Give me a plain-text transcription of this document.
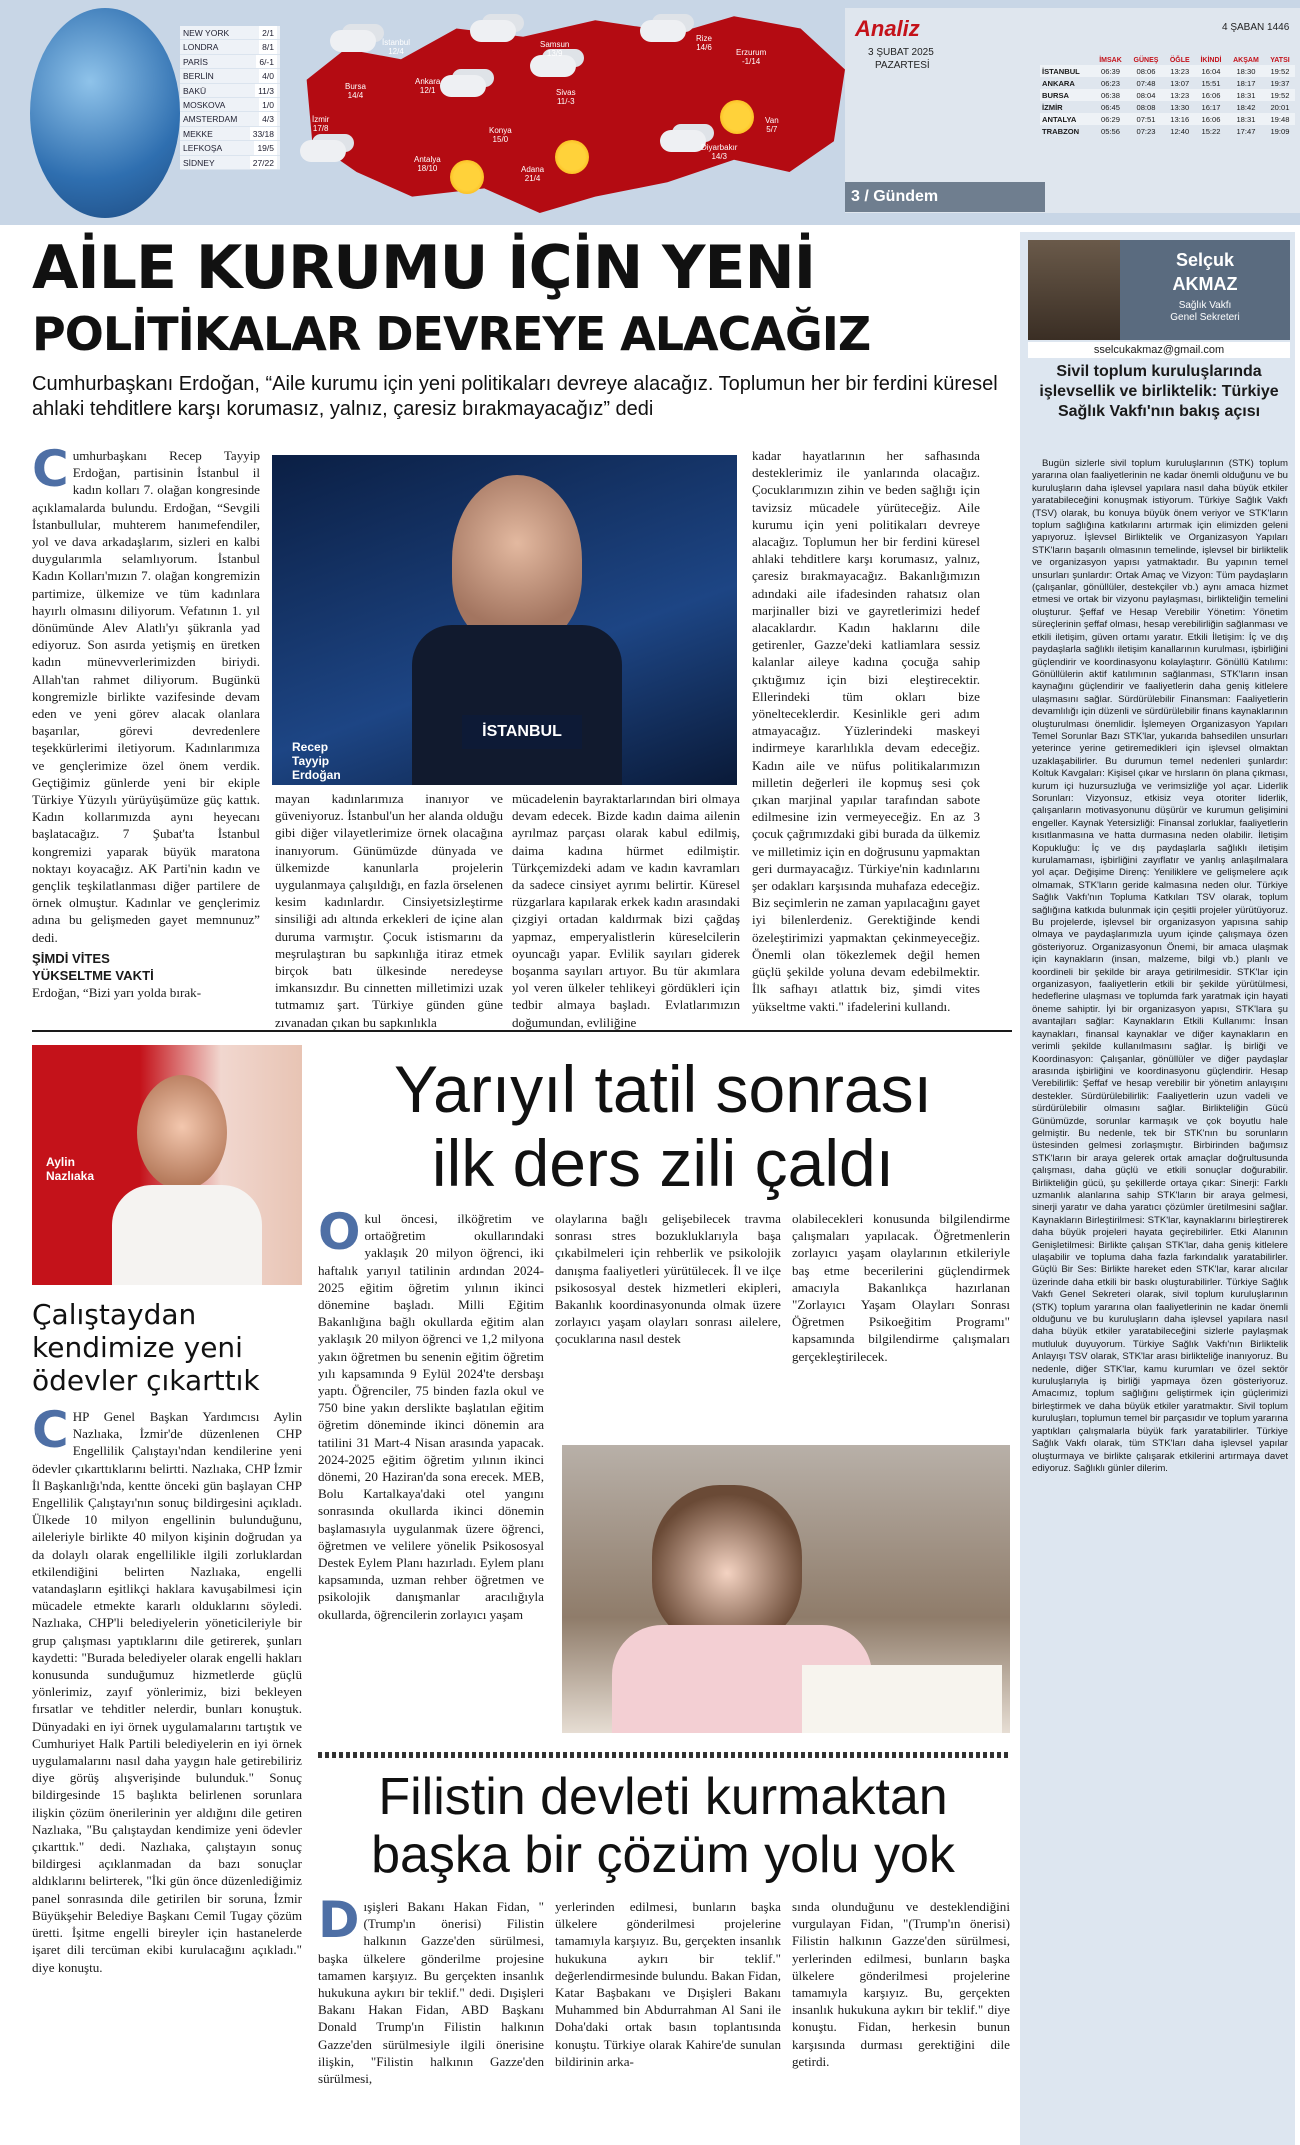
NEW YORK	2/1
LONDRA	8/1
PARİS	6/-1
BERLİN	4/0
BAKÜ	11/3
MOSKOVA	1/0
AMSTERDAM	4/3
MEKKE	33/18
LEFKOŞA	19/5
SİDNEY	27/22
İstanbul
12/4
Bursa
14/4
İzmir
17/8
Ankara
12/1
Samsun
13/9
Sivas
11/-3
Rize
14/6
Erzurum
-1/14
Konya
15/0
Antalya
18/10	Adana
21/4
Van
5/7
Diyarbakır
14/3
Analiz	4 ŞABAN 1446
3 ŞUBAT 2025
PAZARTESİ
		İMSAK	GÜNEŞ	ÖĞLE	İKİNDİ	AKŞAM	YATSI
İSTANBUL	06:39	08:06	13:23	16:04	18:30	19:52
ANKARA	06:23	07:48	13:07	15:51	18:17	19:37
BURSA	06:38	08:04	13:23	16:06	18:31	19:52
İZMİR	06:45	08:08	13:30	16:17	18:42	20:01
ANTALYA	06:29	07:51	13:16	16:06	18:31	19:48
TRABZON	05:56	07:23	12:40	15:22	17:47	19:09
3 / Gündem
AİLE KURUMU İÇİN YENİ
POLİTİKALAR DEVREYE ALACAĞIZ
Cumhurbaşkanı Erdoğan, “Aile kurumu için yeni politikaları devreye alacağız. Toplumun her bir ferdini küresel ahlaki tehditlere karşı korumasız, yalnız, çaresiz bırakmayacağız” dedi
C umhurbaşkanı Recep Tayyip Erdoğan, partisinin İstanbul il kadın kolları 7. olağan kongresinde açıklamalarda bulundu. Erdoğan, “Sevgili İstanbullular, muhterem hanımefendiler, yol ve dava arkadaşlarım, sizleri en kalbi duygularımla selamlıyorum. İstanbul Kadın Kolları'mızın 7. olağan kongremizin partimize, ülkemize ve tüm kadınlara hayırlı olmasını diliyorum. Vefatının 1. yıl dönümünde Alev Alatlı'yı şükranla yad ediyoruz. Son asırda yetişmiş en üretken kadın münevverlerimizden biriydi. Allah'tan rahmet diliyorum. Bugünkü kongremizle birlikte vazifesinde devam eden ve yeni görev alacak olanlara başarılar, görevi devredenlere teşekkürlerimi iletiyorum. Kadınlarımıza ve gençlerimize özel önem verdik. Geçtiğimiz günlerde yeni bir ekiple Türkiye Yüzyılı yürüyüşümüze güç kattık. Kadın kollarımızda aynı heyecanı başlatacağız. 7 Şubat'ta İstanbul kongremizi yaparak büyük maratona noktayı koyacağız. AK Parti'nin kadın ve gençlik teşkilatlanması diğer partilere de örnek olmuştur. Kadınlar ve gençlerimiz adına bu gelişmeden gayet memnunuz” dedi.

ŞİMDİ VİTES
YÜKSELTME VAKTİ

Erdoğan, “Bizi yarı yolda bırak-

İSTANBUL
Recep
Tayyip
Erdoğan

mayan kadınlarımıza inanıyor ve güveniyoruz. İstanbul'un her alanda olduğu gibi diğer vilayetlerimize örnek olacağına inanıyorum. Günümüzde dünyada ve ülkemizde kanunlarla projelerin uygulanmaya çalışıldığı, en fazla örselenen kesim kadınlardır. Cinsiyetsizleştirme sinsiliği adı altında erkekleri de içine alan duruma varmıştır. Çocuk istismarını da meşrulaştıran bu sapkınlığa itiraz etmek birçok batı ülkesinde neredeyse imkansızdır. Bu cinnetten milletimizi uzak tutmamız şart. Türkiye günden güne zıvanadan çıkan bu sapkınlıkla

mücadelenin bayraktarlarından biri olmaya devam edecek. Bizde kadın daima ailenin ayrılmaz parçası olarak kabul edilmiş, daima kadına hürmet edilmiştir. Türkçemizdeki adam ve kadın kavramları da sadece cinsiyet ayrımı belirtir. Küresel rüzgarlara kapılarak erkek kadın arasındaki çizgiyi ortadan kaldırmak bizi çağdaş yapmaz, emperyalistlerin küreselcilerin oyuncağı yapar. Evlilik sayıları giderek boşanma sayıları artıyor. Bu tür akımlara yol veren ülkeler tehlikeyi gördükleri için tedbir almaya başladı. Evlatlarımızın doğumundan, evliliğine

kadar hayatlarının her safhasında desteklerimiz ile yanlarında olacağız. Çocuklarımızın zihin ve beden sağlığı için tavizsiz mücadele yürüteceğiz. Aile kurumu için yeni politikaları devreye alacağız. Toplumun her bir ferdini küresel ahlaki tehditlere karşı korumasız, yalnız, çaresiz bırakmayacağız. Bakanlığımızın adındaki aile ifadesinden rahatsız olan marjinaller bizi ve gayretlerimizi hedef alacaklardır. Kadın haklarını dile getirenler, Gazze'deki katliamlara sessiz kalanlar aileye kadına çocuğa sahip çıktığımız için bizi eleştirecektir. Ellerindeki tüm okları bize yönelteceklerdir. Kesinlikle geri adım atmayacağız. Yüzlerindeki maskeyi indirmeye kararlılıkla devam edeceğiz. Kadın aile ve nüfus politikalarımızın milletin değerleri ile kopmuş sesi çok çıkan marjinal yapılar tarafından sabote edilmesine izin vermeyeceğiz. En az 3 çocuk çağrımızdaki gibi burada da ülkemiz ve milletimiz için en doğrusunu yapmaktan geri durmayacağız. Türkiye'nin kadınlarını şer odakları karşısında muhafaza edeceğiz. Biz seçimlerin ne zaman yapılacağını gayet iyi bilenlerdeniz. Gerektiğinde kendi özeleştirimizi yapmaktan çekinmeyeceğiz. Önemli olan tökezlemek değil hemen güçlü şekilde yoluna devam edebilmektir. İlk safhayı atlattık biz, şimdi vites yükseltme vakti." ifadelerini kullandı.

Selçuk
AKMAZ
Sağlık Vakfı
Genel Sekreteri
sselcukakmaz@gmail.com
Sivil toplum kuruluşlarında işlevsellik ve birliktelik: Türkiye Sağlık Vakfı'nın bakış açısı

Bugün sizlerle sivil toplum kuruluşlarının (STK) toplum yararına olan faaliyetlerinin ne kadar önemli olduğunu ve bu kuruluşların daha işlevsel yapılara nasıl daha büyük etkiler yaratabileceğini konuşmak istiyorum. Türkiye Sağlık Vakfı (TSV) olarak, bu konuya büyük önem veriyor ve STK'ların toplum sağlığına katkılarını artırmak için elimizden geleni yapıyoruz. İşlevsel Birliktelik ve Organizasyon Yapıları STK'ların başarılı olmasının temelinde, işlevsel bir birliktelik ve organizasyon yapısı yatmaktadır. Bu yapının temel unsurları şunlardır: Ortak Amaç ve Vizyon: Tüm paydaşların (çalışanlar, gönüllüler, destekçiler vb.) aynı amaca hizmet etmesi ve ortak bir vizyonu paylaşması, birlikteliğin temelini oluşturur. Şeffaf ve Hesap Verebilir Yönetim: Yönetim süreçlerinin şeffaf olması, hesap verebilirliğin sağlanması ve etkili iletişim, güven ortamı yaratır. Etkili İletişim: İç ve dış paydaşlarla sağlıklı iletişim kanallarının kurulması, işbirliğini güçlendirir ve koordinasyonu kolaylaştırır. Gönüllü Katılımı: Gönüllülerin aktif katılımının sağlanması, STK'ların insan kaynağını güçlendirir ve faaliyetlerin daha geniş kitlelere ulaşmasını sağlar. Sürdürülebilir Finansman: Faaliyetlerin devamlılığı için düzenli ve sürdürülebilir finans kaynaklarının oluşturulması önemlidir. İşlemeyen Organizasyon Yapıları Temel Sorunlar Bazı STK'lar, yukarıda bahsedilen unsurları yeterince yerine getiremedikleri için işlevsel olmaktan uzaklaşabilirler. Bu durumun temel nedenleri şunlardır: Koltuk Kavgaları: Kişisel çıkar ve hırsların ön plana çıkması, kurum içi huzursuzluğa ve verimsizliğe yol açar. Liderlik Sorunları: Vizyonsuz, etkisiz veya otoriter liderlik, çalışanların motivasyonunu düşürür ve kurumun gelişimini engeller. Kaynak Yetersizliği: Finansal zorluklar, faaliyetlerin kısıtlanmasına ve hatta durmasına neden olabilir. İletişim Kopukluğu: İç ve dış paydaşlarla sağlıklı iletişim kurulamaması, işbirliğini zayıflatır ve yanlış anlaşılmalara yol açar. Değişime Direnç: Yeniliklere ve gelişmelere açık olmamak, STK'ların geride kalmasına neden olur. Türkiye Sağlık Vakfı'nın Topluma Katkıları TSV olarak, toplum sağlığına katkıda bulunmak için çeşitli projeler yürütüyoruz. Bu projelerde, işlevsel bir organizasyon yapısına sahip olmaya ve paydaşlarımızla uyum içinde çalışmaya özen gösteriyoruz. Organizasyonun Önemi, bir amaca ulaşmak için kaynakların (insan, malzeme, bilgi vb.) planlı ve koordineli bir şekilde bir araya getirilmesidir. STK'lar için organizasyon, faaliyetlerin etkili bir şekilde yürütülmesi, hedeflerine ulaşması ve toplumda fark yaratmak için hayati öneme sahiptir. İyi bir organizasyon yapısı, STK'lara şu avantajları sağlar: Kaynakların Etkili Kullanımı: İnsan kaynakları, finansal kaynaklar ve diğer kaynakların en verimli şekilde kullanılmasını sağlar. İş birliği ve Koordinasyon: Çalışanlar, gönüllüler ve diğer paydaşlar arasında işbirliğini ve koordinasyonu güçlendirir. Hesap Verebilirlik: Şeffaf ve hesap verebilir bir yönetim anlayışını destekler. Sürdürülebilirlik: Faaliyetlerin uzun vadeli ve sürdürülebilir olmasını sağlar. Birlikteliğin Gücü Günümüzde, sorunlar karmaşık ve çok boyutlu hale gelmiştir. Bu nedenle, tek bir STK'nın bu sorunların üstesinden gelmesi zorlaşmıştır. Birbirinden bağımsız STK'ların bir araya gelerek ortak amaçlar doğrultusunda çalışması, daha güçlü ve etkili sonuçlar doğurabilir. Birlikteliğin gücü, şu şekillerde ortaya çıkar: Sinerji: Farklı uzmanlık alanlarına sahip STK'ların bir araya gelmesi, sinerji yaratır ve daha yaratıcı çözümler üretilmesini sağlar. Kaynakların Birleştirilmesi: STK'lar, kaynaklarını birleştirerek daha büyük projeleri hayata geçirebilirler. Etki Alanının Genişletilmesi: Birlikte çalışan STK'lar, daha geniş kitlelere ulaşabilir ve topluma daha fazla farkındalık yaratabilirler. Güçlü Bir Ses: Birlikte hareket eden STK'lar, karar alıcılar üzerinde daha etkili bir baskı oluşturabilirler. Türkiye Sağlık Vakfı Genel Sekreteri olarak, sivil toplum kuruluşlarının (STK) toplum yararına olan faaliyetlerinin ne kadar önemli olduğunu ve bu kuruluşların daha işlevsel yapılara nasıl daha büyük etkiler yaratabileceğini sizlerle paylaşmak mutluluk duyuyorum. Türkiye Sağlık Vakfı'nın Birliktelik Anlayışı TSV olarak, STK'lar arası birlikteliğe inanıyoruz. Bu nedenle, diğer STK'lar, kamu kurumları ve özel sektör kuruluşlarıyla iş birliği yapmaya özen gösteriyoruz. Amacımız, toplum sağlığını geliştirmek için güçlerimizi birleştirmek ve daha büyük etkiler yaratmaktır. Sivil toplum kuruluşları, toplumun temel bir parçasıdır ve toplum yararına yaptıkları çalışmalarla büyük fark yaratabilirler. Türkiye Sağlık Vakfı olarak, tüm STK'ları daha işlevsel yapılar oluşturmaya ve birlikte çalışarak etkilerini artırmaya davet ediyoruz. Sağlıklı günler dilerim.

Aylin
Nazlıaka
Çalıştaydan
kendimize yeni
ödevler çıkarttık
C HP Genel Başkan Yardımcısı Aylin Nazlıaka, İzmir'de düzenlenen CHP Engellilik Çalıştayı'ndan kendilerine yeni ödevler çıkarttıklarını belirtti. Nazlıaka, CHP İzmir İl Başkanlığı'nda, kentte önceki gün başlayan CHP Engellilik Çalıştayı'nın sonuç bildirgesini açıkladı. Ülkede 10 milyon engellinin bulunduğunu, aileleriyle birlikte 40 milyon kişinin doğrudan ya da dolaylı olarak engellilikle ilgili zorluklardan etkilendiğini belirten Nazlıaka, engelli vatandaşların eşitlikçi haklara kavuşabilmesi için mücadele etmekte kararlı olduklarını söyledi. Nazlıaka, CHP'li belediyelerin yöneticileriyle bir grup çalışması yaptıklarını dile getirerek, şunları kaydetti: "Burada belediyeler olarak engelli hakları konusunda sunduğumuz hizmetlerde güçlü yönlerimiz, zayıf yönlerimiz, bizi bekleyen fırsatlar ve tehditler nelerdir, bunları konuştuk. Dünyadaki en iyi örnek uygulamalarını tartıştık ve Cumhuriyet Halk Partili belediyelerin en iyi örnek uygulamalarını nasıl daha yaygın hale getirebiliriz diye görüş alışverişinde bulunduk." Sonuç bildirgesinde 15 başlıkta belirlenen sorunlara ilişkin çözüm önerilerinin yer aldığını dile getiren Nazlıaka, "Bu çalıştaydan kendimize yeni ödevler çıkarttık." dedi. Nazlıaka, çalıştayın sonuç bildirgesi açıklanmadan da bazı sonuçlar aldıklarını belirterek, "İki gün önce düzenlediğimiz panel sonrasında dile getirilen bir soruna, İzmir Büyükşehir Belediye Başkanı Cemil Tugay çözüm üretti. İşitme engelli bireyler için hastanelerde işaret dili tercüman ekibi kurulacağını açıkladı." diye konuştu.

Yarıyıl tatil sonrası
ilk ders zili çaldı
O kul öncesi, ilköğretim ve ortaöğretim okullarındaki yaklaşık 20 milyon öğrenci, iki haftalık yarıyıl tatilinin ardından 2024-2025 eğitim öğretim yılının ikinci dönemine başladı. Milli Eğitim Bakanlığına bağlı okullarda eğitim alan yaklaşık 20 milyon öğrenci ve 1,2 milyona yakın öğretmen bu senenin eğitim öğretim yılı kapsamında 9 Eylül 2024'te dersbaşı yaptı. Öğrenciler, 75 binden fazla okul ve 750 bine yakın derslikte başlatılan eğitim öğretim döneminde ikinci dönemin ara tatilini 31 Mart-4 Nisan arasında yapacak. 2024-2025 eğitim öğretim yılının ikinci dönemi, 20 Haziran'da sona erecek. MEB, Bolu Kartalkaya'daki otel yangını sonrasında okullarda ikinci dönemin başlamasıyla uygulanmak üzere öğrenci, öğretmen ve velilere yönelik Psikososyal Destek Eylem Planı hazırladı. Eylem planı kapsamında, uzman rehber öğretmen ve psikolojik danışmanlar aracılığıyla okullarda, öğrencilerin zorlayıcı yaşam

olaylarına bağlı gelişebilecek travma sonrası stres bozukluklarıyla başa çıkabilmeleri için rehberlik ve psikolojik danışma faaliyetleri yürütülecek. İl ve ilçe psikososyal destek hizmetleri ekipleri, Bakanlık koordinasyonunda olmak üzere zorlayıcı yaşam olayları sonrası ailelere, çocuklarına nasıl destek

olabilecekleri konusunda bilgilendirme çalışmaları yapılacak. Öğretmenlerin zorlayıcı yaşam olaylarının etkileriyle baş etme becerilerini güçlendirmek amacıyla Bakanlıkça hazırlanan "Zorlayıcı Yaşam Olayları Sonrası Öğretmen Psikoeğitim Programı" kapsamında bilgilendirme çalışmaları gerçekleştirilecek.

Filistin devleti kurmaktan
başka bir çözüm yolu yok
D ışişleri Bakanı Hakan Fidan, "(Trump'ın önerisi) Filistin halkının Gazze'den sürülmesi, başka ülkelere gönderilme projesine tamamen karşıyız. Bu gerçekten insanlık hukukuna aykırı bir teklif." dedi. Dışişleri Bakanı Hakan Fidan, ABD Başkanı Donald Trump'ın Filistin halkının Gazze'den sürülmesiyle ilgili önerisine ilişkin, "Filistin halkının Gazze'den sürülmesi,

yerlerinden edilmesi, bunların başka ülkelere gönderilmesi projelerine tamamıyla karşıyız. Bu, gerçekten insanlık hukukuna aykırı bir teklif." değerlendirmesinde bulundu. Bakan Fidan, Katar Başbakanı ve Dışişleri Bakanı Muhammed bin Abdurrahman Al Sani ile Doha'daki ortak basın toplantısında konuştu. Türkiye olarak Kahire'de sunulan bildirinin arka-

sında olunduğunu ve desteklendiğini vurgulayan Fidan, "(Trump'ın önerisi) Filistin halkının Gazze'den sürülmesi, yerlerinden edilmesi, bunların başka ülkelere gönderilmesi projelerine tamamıyla karşıyız. Bu, gerçekten insanlık hukukuna aykırı bir teklif." diye konuştu. Fidan, herkesin bunun karşısında durması gerektiğini dile getirdi.
